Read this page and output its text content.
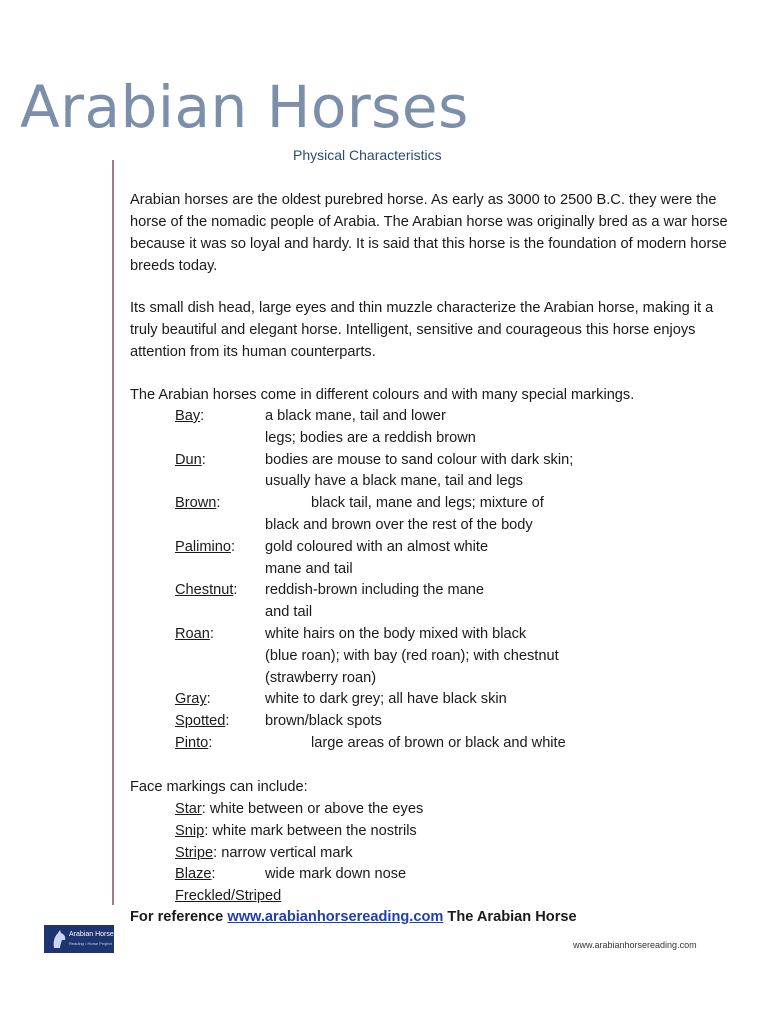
Arabian Horses
Physical Characteristics

Arabian horses are the oldest purebred horse. As early as 3000 to 2500 B.C. they were the horse of the nomadic people of Arabia. The Arabian horse was originally bred as a war horse because it was so loyal and hardy. It is said that this horse is the foundation of modern horse breeds today.

Its small dish head, large eyes and thin muzzle characterize the Arabian horse, making it a truly beautiful and elegant horse. Intelligent, sensitive and courageous this horse enjoys attention from its human counterparts.

The Arabian horses come in different colours and with many special markings.

Bay:	a black mane, tail and lower
legs; bodies are a reddish brown
Dun:	bodies are mouse to sand colour with dark skin;
usually have a black mane, tail and legs
Brown:	black tail, mane and legs; mixture of
black and brown over the rest of the body
Palimino: gold coloured with an almost white
mane and tail
Chestnut: reddish-brown including the mane
and tail
Roan:	white hairs on the body mixed with black
(blue roan); with bay (red roan); with chestnut
(strawberry roan)
Gray:	white to dark grey; all have black skin
Spotted: brown/black spots
Pinto:	large areas of brown or black and white
Face markings can include:
Star: white between or above the eyes
Snip: white mark between the nostrils
Stripe: narrow vertical mark
Blaze:	wide mark down nose
Freckled/Striped
For reference www.arabianhorsereading.com The Arabian Horse
Arabian Horse
Reading • Horse Project	www.arabianhorsereading.com
